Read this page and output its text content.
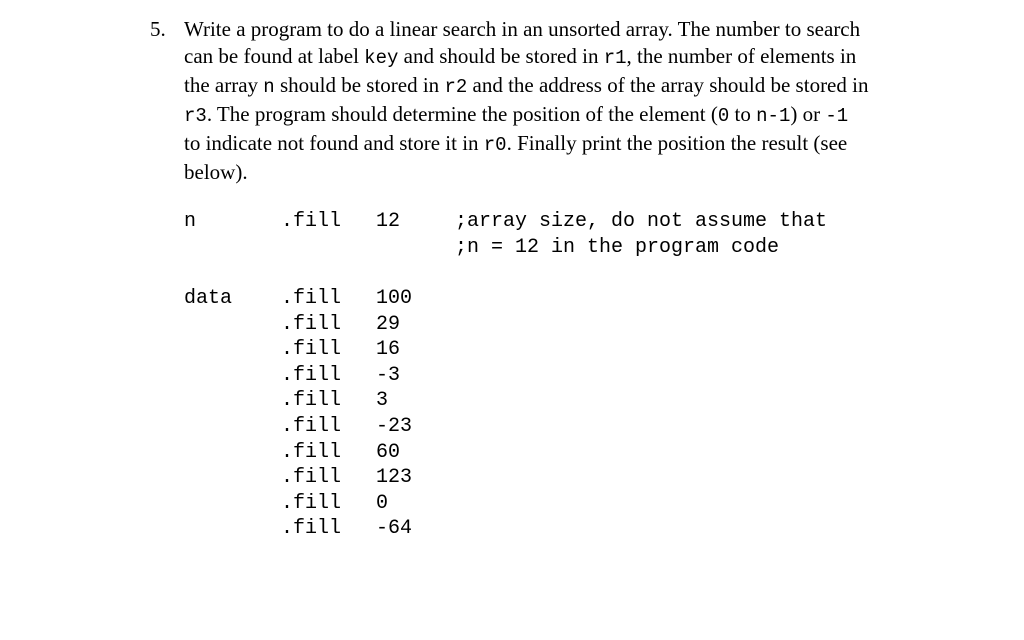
5. Write a program to do a linear search in an unsorted array. The number to search
can be found at label key and should be stored in r1, the number of elements in
the array n should be stored in r2 and the address of the array should be stored in
r3. The program should determine the position of the element (0 to n-1) or -1
to indicate not found and store it in r0. Finally print the position the result (see
below).
n	.fill 12	;array size, do not assume that
;n = 12 in the program code
data .fill 100
.fill 29
.fill 16
.fill -3
.fill 3
.fill -23
.fill 60
.fill 123
.fill 0
.fill -64
